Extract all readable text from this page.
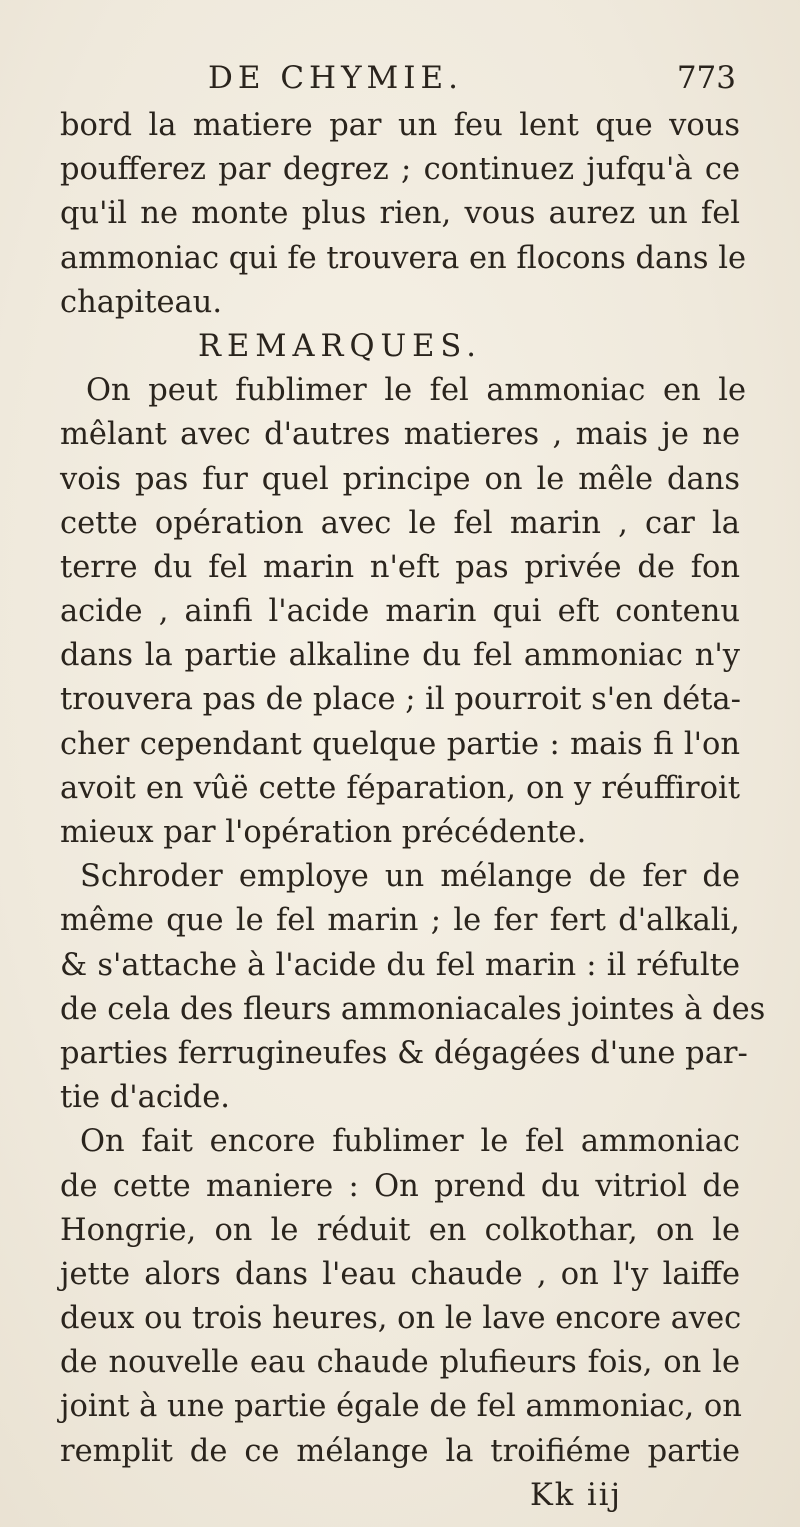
DE CHYMIE.	773
bord la matiere par un feu lent que vous
poufferez par degrez ; continuez jufqu'à ce
qu'il ne monte plus rien, vous aurez un fel
ammoniac qui fe trouvera en flocons dans le
chapiteau.
REMARQUES.
On peut fublimer le fel ammoniac en le
mêlant avec d'autres matieres , mais je ne
vois pas fur quel principe on le mêle dans
cette opération avec le fel marin , car la
terre du fel marin n'eft pas privée de fon
acide , ainfi l'acide marin qui eft contenu
dans la partie alkaline du fel ammoniac n'y
trouvera pas de place ; il pourroit s'en déta-
cher cependant quelque partie : mais fi l'on
avoit en vûë cette féparation, on y réuffiroit
mieux par l'opération précédente.
Schroder employe un mélange de fer de
même que le fel marin ; le fer fert d'alkali,
& s'attache à l'acide du fel marin : il réfulte
de cela des fleurs ammoniacales jointes à des
parties ferrugineufes & dégagées d'une par-
tie d'acide.
On fait encore fublimer le fel ammoniac
de cette maniere : On prend du vitriol de
Hongrie, on le réduit en colkothar, on le
jette alors dans l'eau chaude , on l'y laiffe
deux ou trois heures, on le lave encore avec
de nouvelle eau chaude plufieurs fois, on le
joint à une partie égale de fel ammoniac, on
remplit de ce mélange la troifiéme partie
Kk iij
